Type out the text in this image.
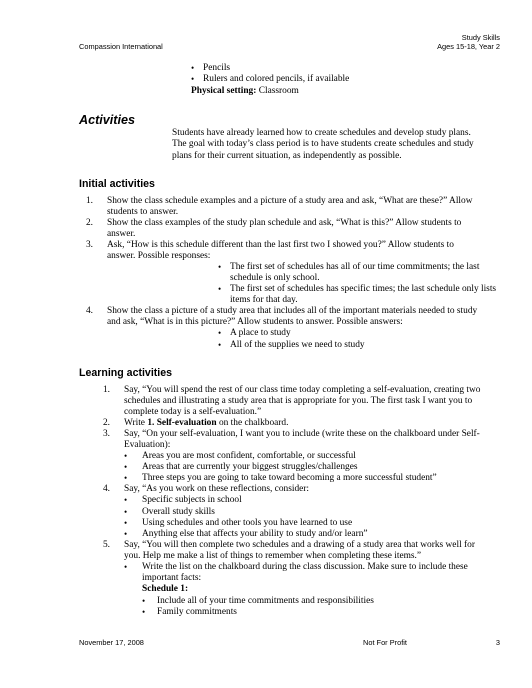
Compassion International
Study Skills
Ages 15-18, Year 2
• Pencils
• Rulers and colored pencils, if available
Physical setting: Classroom
Activities
Students have already learned how to create schedules and develop study plans.
The goal with today’s class period is to have students create schedules and study
plans for their current situation, as independently as possible.
Initial activities
1. Show the class schedule examples and a picture of a study area and ask, “What are these?” Allow
students to answer.
2. Show the class examples of the study plan schedule and ask, “What is this?” Allow students to
answer.
3. Ask, “How is this schedule different than the last first two I showed you?” Allow students to
answer. Possible responses:
• The first set of schedules has all of our time commitments; the last
schedule is only school.
• The first set of schedules has specific times; the last schedule only lists
items for that day.
4. Show the class a picture of a study area that includes all of the important materials needed to study
and ask, “What is in this picture?” Allow students to answer. Possible answers:
• A place to study
• All of the supplies we need to study
Learning activities
1. Say, “You will spend the rest of our class time today completing a self-evaluation, creating two
schedules and illustrating a study area that is appropriate for you. The first task I want you to
complete today is a self-evaluation.”
2. Write 1. Self-evaluation on the chalkboard.
3. Say, “On your self-evaluation, I want you to include (write these on the chalkboard under Self-
Evaluation):
• Areas you are most confident, comfortable, or successful
• Areas that are currently your biggest struggles/challenges
• Three steps you are going to take toward becoming a more successful student”
4. Say, “As you work on these reflections, consider:
• Specific subjects in school
• Overall study skills
• Using schedules and other tools you have learned to use
• Anything else that affects your ability to study and/or learn”
5. Say, “You will then complete two schedules and a drawing of a study area that works well for
you. Help me make a list of things to remember when completing these items.”
• Write the list on the chalkboard during the class discussion. Make sure to include these
important facts:
Schedule 1:
• Include all of your time commitments and responsibilities
• Family commitments
November 17, 2008	Not For Profit	3
